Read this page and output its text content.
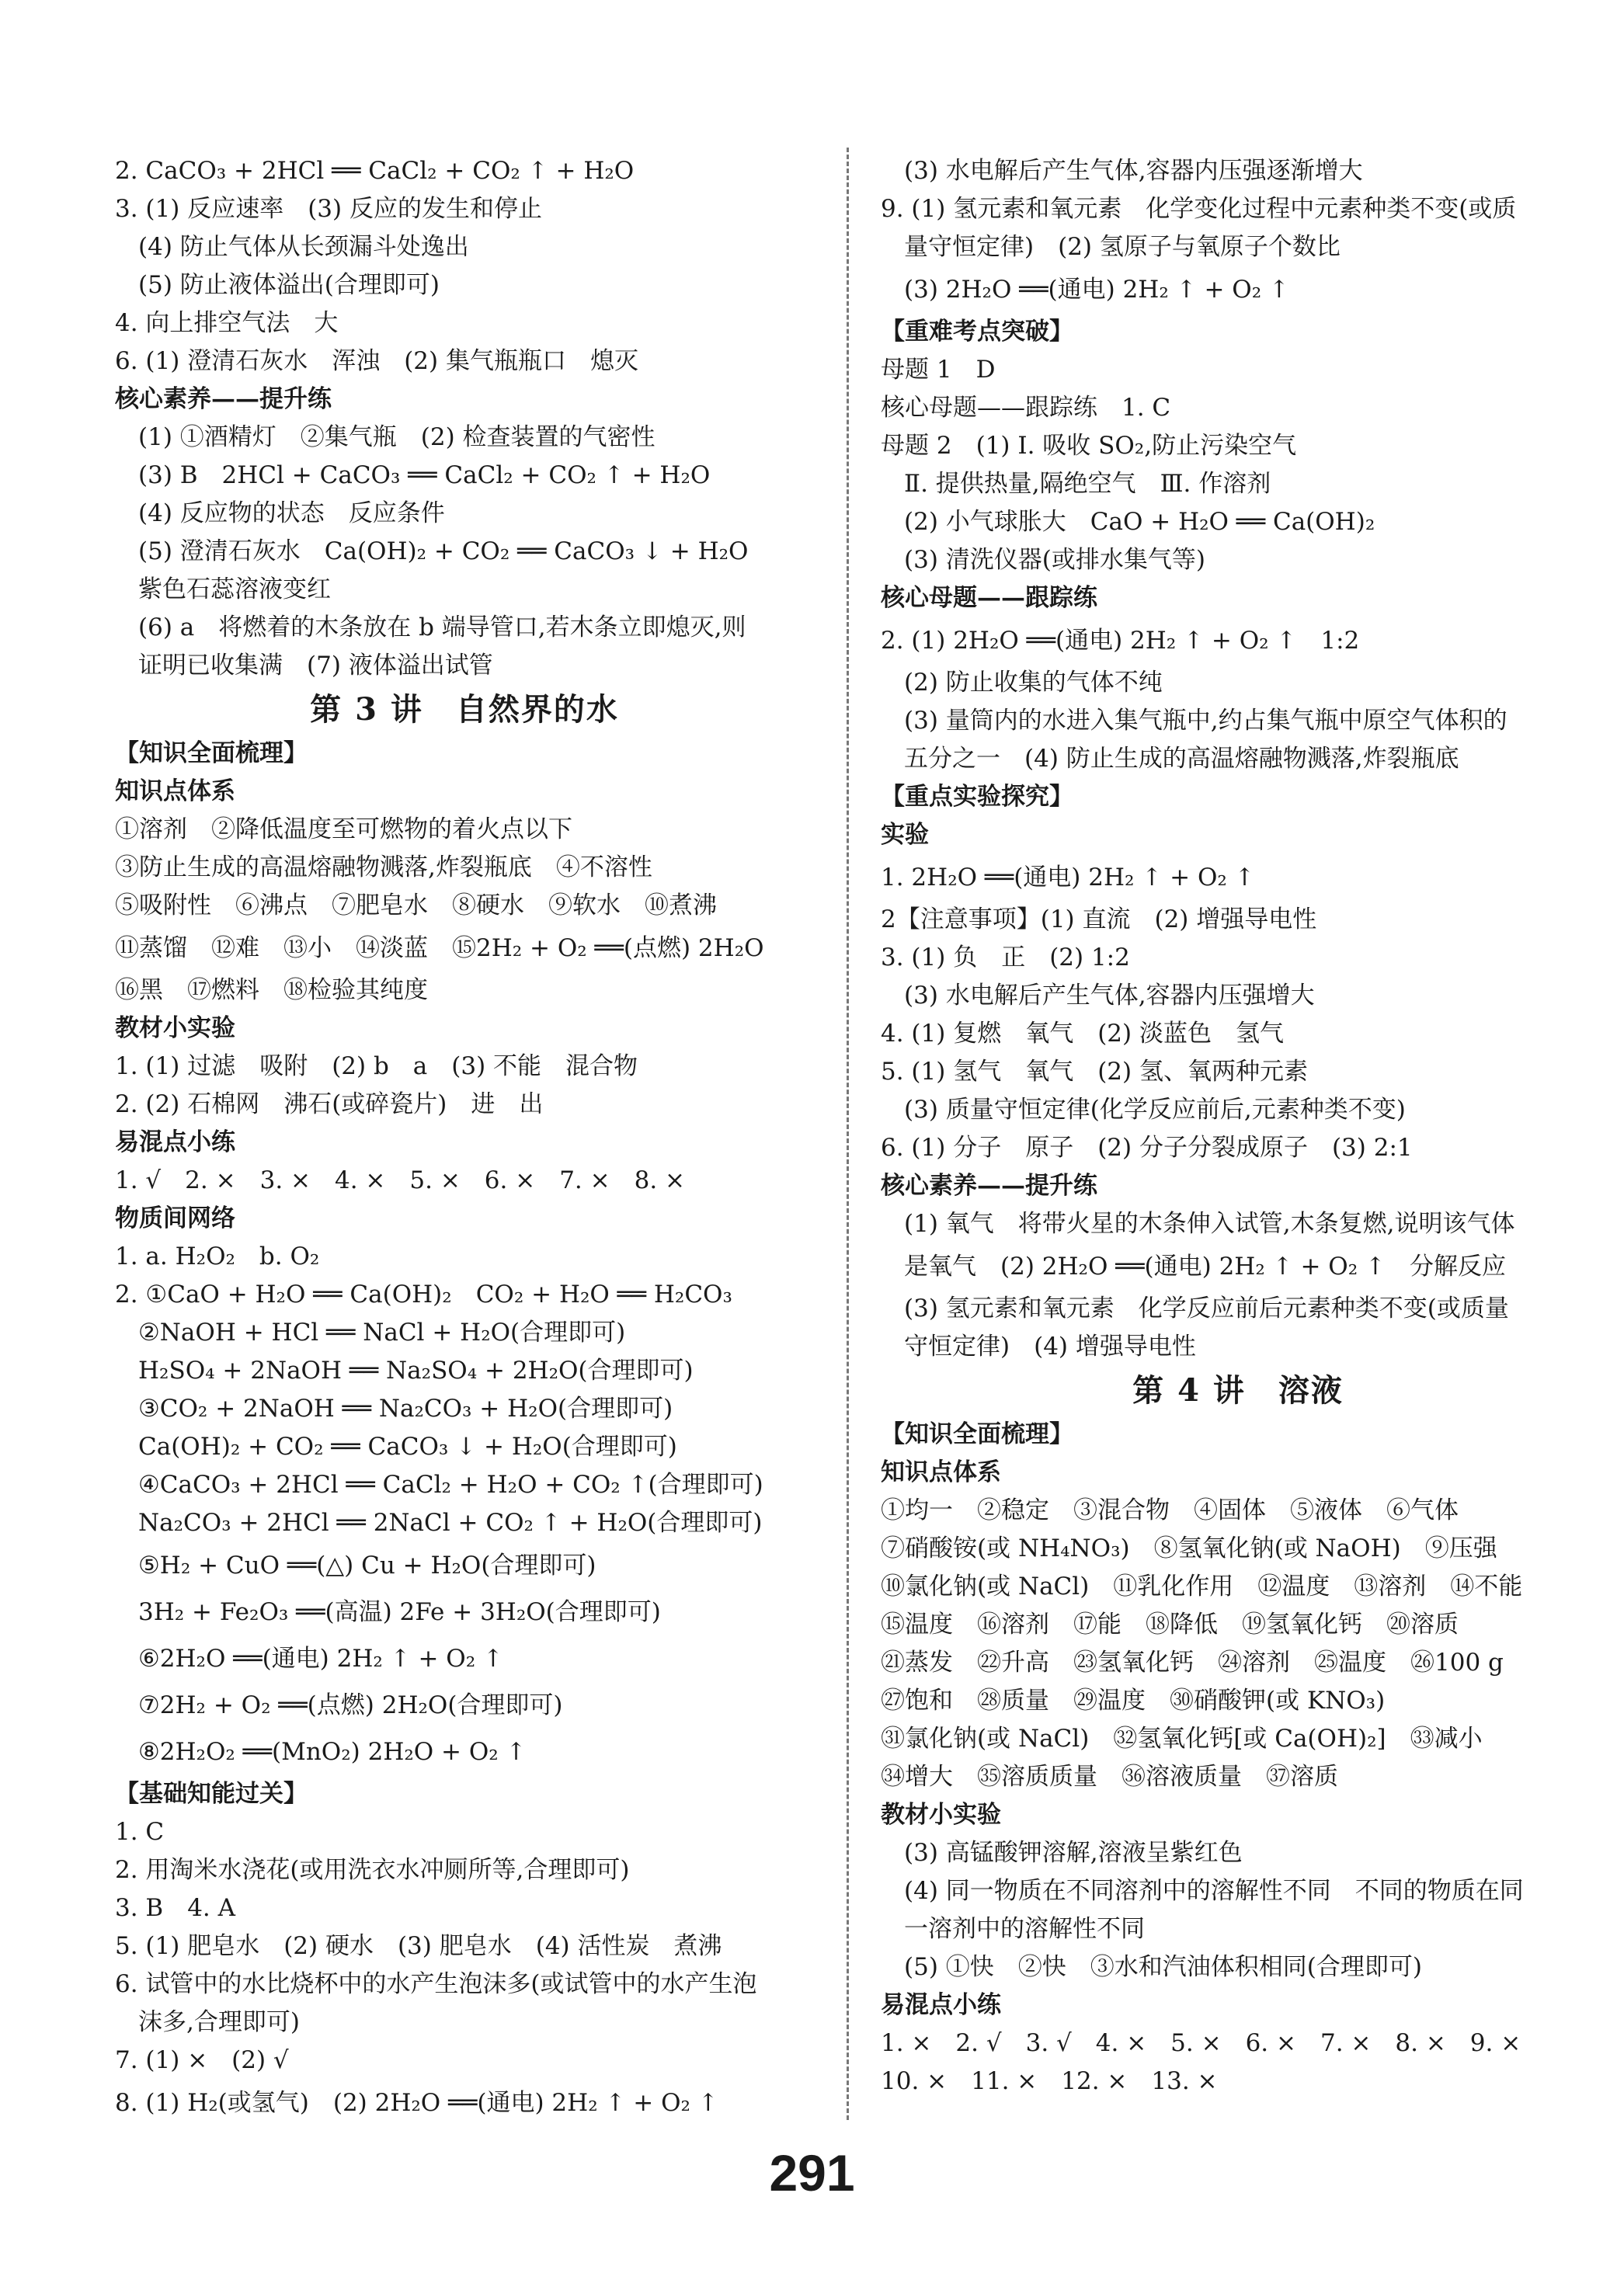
2. CaCO₃ + 2HCl ══ CaCl₂ + CO₂ ↑ + H₂O
3. (1) 反应速率　(3) 反应的发生和停止
(4) 防止气体从长颈漏斗处逸出
(5) 防止液体溢出(合理即可)
4. 向上排空气法　大
6. (1) 澄清石灰水　浑浊　(2) 集气瓶瓶口　熄灭
核心素养——提升练
(1) ①酒精灯　②集气瓶　(2) 检查装置的气密性
(3) B　2HCl + CaCO₃ ══ CaCl₂ + CO₂ ↑ + H₂O
(4) 反应物的状态　反应条件
(5) 澄清石灰水　Ca(OH)₂ + CO₂ ══ CaCO₃ ↓ + H₂O
紫色石蕊溶液变红
(6) a　将燃着的木条放在 b 端导管口,若木条立即熄灭,则
证明已收集满　(7) 液体溢出试管
第 3 讲　自然界的水
【知识全面梳理】
知识点体系
①溶剂　②降低温度至可燃物的着火点以下
③防止生成的高温熔融物溅落,炸裂瓶底　④不溶性
⑤吸附性　⑥沸点　⑦肥皂水　⑧硬水　⑨软水　⑩煮沸
⑪蒸馏　⑫难　⑬小　⑭淡蓝　⑮2H₂ + O₂ ══(点燃) 2H₂O
⑯黑　⑰燃料　⑱检验其纯度
教材小实验
1. (1) 过滤　吸附　(2) b　a　(3) 不能　混合物
2. (2) 石棉网　沸石(或碎瓷片)　进　出
易混点小练
1. √　2. ×　3. ×　4. ×　5. ×　6. ×　7. ×　8. ×
物质间网络
1. a. H₂O₂　b. O₂
2. ①CaO + H₂O ══ Ca(OH)₂　CO₂ + H₂O ══ H₂CO₃
②NaOH + HCl ══ NaCl + H₂O(合理即可)
H₂SO₄ + 2NaOH ══ Na₂SO₄ + 2H₂O(合理即可)
③CO₂ + 2NaOH ══ Na₂CO₃ + H₂O(合理即可)
Ca(OH)₂ + CO₂ ══ CaCO₃ ↓ + H₂O(合理即可)
④CaCO₃ + 2HCl ══ CaCl₂ + H₂O + CO₂ ↑(合理即可)
Na₂CO₃ + 2HCl ══ 2NaCl + CO₂ ↑ + H₂O(合理即可)
⑤H₂ + CuO ══(△) Cu + H₂O(合理即可)
3H₂ + Fe₂O₃ ══(高温) 2Fe + 3H₂O(合理即可)
⑥2H₂O ══(通电) 2H₂ ↑ + O₂ ↑
⑦2H₂ + O₂ ══(点燃) 2H₂O(合理即可)
⑧2H₂O₂ ══(MnO₂) 2H₂O + O₂ ↑
【基础知能过关】
1. C
2. 用淘米水浇花(或用洗衣水冲厕所等,合理即可)
3. B　4. A
5. (1) 肥皂水　(2) 硬水　(3) 肥皂水　(4) 活性炭　煮沸
6. 试管中的水比烧杯中的水产生泡沫多(或试管中的水产生泡
沫多,合理即可)
7. (1) ×　(2) √
8. (1) H₂(或氢气)　(2) 2H₂O ══(通电) 2H₂ ↑ + O₂ ↑
(3) 水电解后产生气体,容器内压强逐渐增大
9. (1) 氢元素和氧元素　化学变化过程中元素种类不变(或质
量守恒定律)　(2) 氢原子与氧原子个数比
(3) 2H₂O ══(通电) 2H₂ ↑ + O₂ ↑
【重难考点突破】
母题 1　D
核心母题——跟踪练　1. C
母题 2　(1) Ⅰ. 吸收 SO₂,防止污染空气
Ⅱ. 提供热量,隔绝空气　Ⅲ. 作溶剂
(2) 小气球胀大　CaO + H₂O ══ Ca(OH)₂
(3) 清洗仪器(或排水集气等)
核心母题——跟踪练
2. (1) 2H₂O ══(通电) 2H₂ ↑ + O₂ ↑　1:2
(2) 防止收集的气体不纯
(3) 量筒内的水进入集气瓶中,约占集气瓶中原空气体积的
五分之一　(4) 防止生成的高温熔融物溅落,炸裂瓶底
【重点实验探究】
实验
1. 2H₂O ══(通电) 2H₂ ↑ + O₂ ↑
2【注意事项】(1) 直流　(2) 增强导电性
3. (1) 负　正　(2) 1:2
(3) 水电解后产生气体,容器内压强增大
4. (1) 复燃　氧气　(2) 淡蓝色　氢气
5. (1) 氢气　氧气　(2) 氢、氧两种元素
(3) 质量守恒定律(化学反应前后,元素种类不变)
6. (1) 分子　原子　(2) 分子分裂成原子　(3) 2:1
核心素养——提升练
(1) 氧气　将带火星的木条伸入试管,木条复燃,说明该气体
是氧气　(2) 2H₂O ══(通电) 2H₂ ↑ + O₂ ↑　分解反应
(3) 氢元素和氧元素　化学反应前后元素种类不变(或质量
守恒定律)　(4) 增强导电性
第 4 讲　溶液
【知识全面梳理】
知识点体系
①均一　②稳定　③混合物　④固体　⑤液体　⑥气体
⑦硝酸铵(或 NH₄NO₃)　⑧氢氧化钠(或 NaOH)　⑨压强
⑩氯化钠(或 NaCl)　⑪乳化作用　⑫温度　⑬溶剂　⑭不能
⑮温度　⑯溶剂　⑰能　⑱降低　⑲氢氧化钙　⑳溶质
㉑蒸发　㉒升高　㉓氢氧化钙　㉔溶剂　㉕温度　㉖100 g
㉗饱和　㉘质量　㉙温度　㉚硝酸钾(或 KNO₃)
㉛氯化钠(或 NaCl)　㉜氢氧化钙[或 Ca(OH)₂]　㉝减小
㉞增大　㉟溶质质量　㊱溶液质量　㊲溶质
教材小实验
(3) 高锰酸钾溶解,溶液呈紫红色
(4) 同一物质在不同溶剂中的溶解性不同　不同的物质在同
一溶剂中的溶解性不同
(5) ①快　②快　③水和汽油体积相同(合理即可)
易混点小练
1. ×　2. √　3. √　4. ×　5. ×　6. ×　7. ×　8. ×　9. ×
10. ×　11. ×　12. ×　13. ×
291
